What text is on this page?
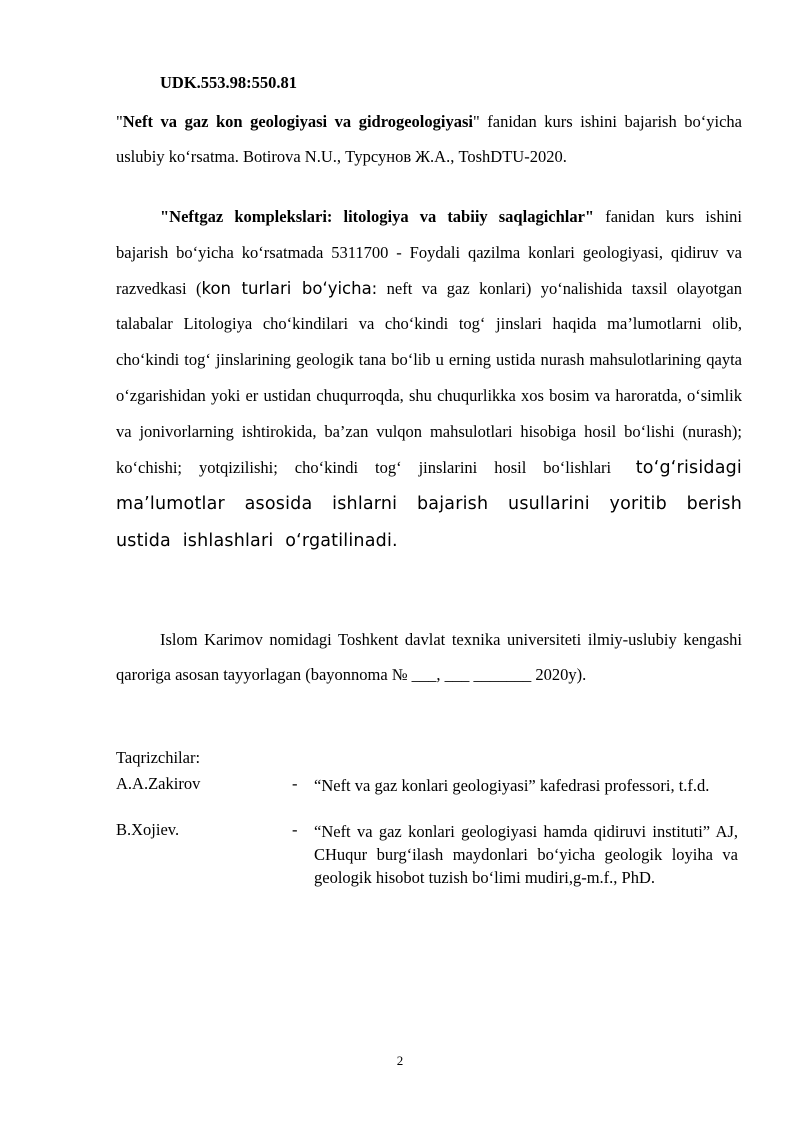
UDK.553.98:550.81

"Neft va gaz kon geologiyasi va gidrogeologiyasi" fanidan kurs ishini bajarish bo‘yicha uslubiy ko‘rsatma. Botirova N.U., Турсунов Ж.А., ToshDTU-2020.

"Neftgaz komplekslari: litologiya va tabiiy saqlagichlar" fanidan kurs ishini bajarish bo‘yicha ko‘rsatmada 5311700 - Foydali qazilma konlari geologiyasi, qidiruv va razvedkasi (kon turlari bo‘yicha: neft va gaz konlari) yo‘nalishida taxsil olayotgan talabalar Litologiya cho‘kindilari va cho‘kindi tog‘ jinslari haqida ma’lumotlarni olib, cho‘kindi tog‘ jinslarining geologik tana bo‘lib u erning ustida nurash mahsulotlarining qayta o‘zgarishidan yoki er ustidan chuqurroqda, shu chuqurlikka xos bosim va haroratda, o‘simlik va jonivorlarning ishtirokida, ba’zan vulqon mahsulotlari hisobiga hosil bo‘lishi (nurash); ko‘chishi; yotqizilishi; cho‘kindi tog‘ jinslarini hosil bo‘lishlari to‘g‘risidagi ma’lumotlar asosida ishlarni bajarish usullarini yoritib berish ustida ishlashlari o‘rgatilinadi.

Islom Karimov nomidagi Toshkent davlat texnika universiteti ilmiy-uslubiy kengashi qaroriga asosan tayyorlagan (bayonnoma № ___, ___ _______ 2020y).

Taqrizchilar:
A.A.Zakirov	- “Neft va gaz konlari geologiyasi” kafedrasi professori, t.f.d.

B.Xojiev.	- “Neft va gaz konlari geologiyasi hamda qidiruvi instituti” AJ, CHuqur burg‘ilash maydonlari bo‘yicha geologik loyiha va geologik hisobot tuzish bo‘limi mudiri,g-m.f., PhD.

2
